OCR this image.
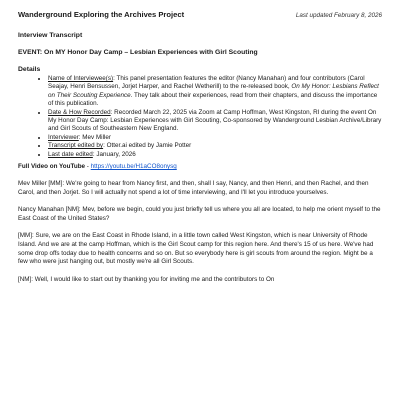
Wanderground Exploring the Archives Project	Last updated February 8, 2026
Interview Transcript
EVENT: On MY Honor Day Camp – Lesbian Experiences with Girl Scouting
Details
• Name of Interviewee(s): This panel presentation features the editor (Nancy Manahan) and four contributors (Carol Seajay, Henri Bensussen, Jorjet Harper, and Rachel Wetherill) to the re-released book, On My Honor: Lesbians Reflect on Their Scouting Experience. They talk about their experiences, read from their chapters, and discuss the importance of this publication.
• Date & How Recorded: Recorded March 22, 2025 via Zoom at Camp Hoffman, West Kingston, RI during the event On My Honor Day Camp: Lesbian Experiences with Girl Scouting, Co-sponsored by Wanderground Lesbian Archive/Library and Girl Scouts of Southeastern New England.
• Interviewer: Mev Miller
• Transcript edited by: Otter.ai edited by Jamie Potter
• Last date edited: January, 2026
Full Video on YouTube - https://youtu.be/H1aCO8onysg

Mev Miller [MM]: We're going to hear from Nancy first, and then, shall I say, Nancy, and then Henri, and then Rachel, and then Carol, and then Jorjet. So I will actually not spend a lot of time interviewing, and I'll let you introduce yourselves.

Nancy Manahan [NM]: Mev, before we begin, could you just briefly tell us where you all are located, to help me orient myself to the East Coast of the United States?

[MM]: Sure, we are on the East Coast in Rhode Island, in a little town called West Kingston, which is near University of Rhode Island. And we are at the camp Hoffman, which is the Girl Scout camp for this region here. And there's 15 of us here. We've had some drop offs today due to health concerns and so on. But so everybody here is girl scouts from around the region. Might be a few who were just hanging out, but mostly we're all Girl Scouts.

[NM]: Well, I would like to start out by thanking you for inviting me and the contributors to On
